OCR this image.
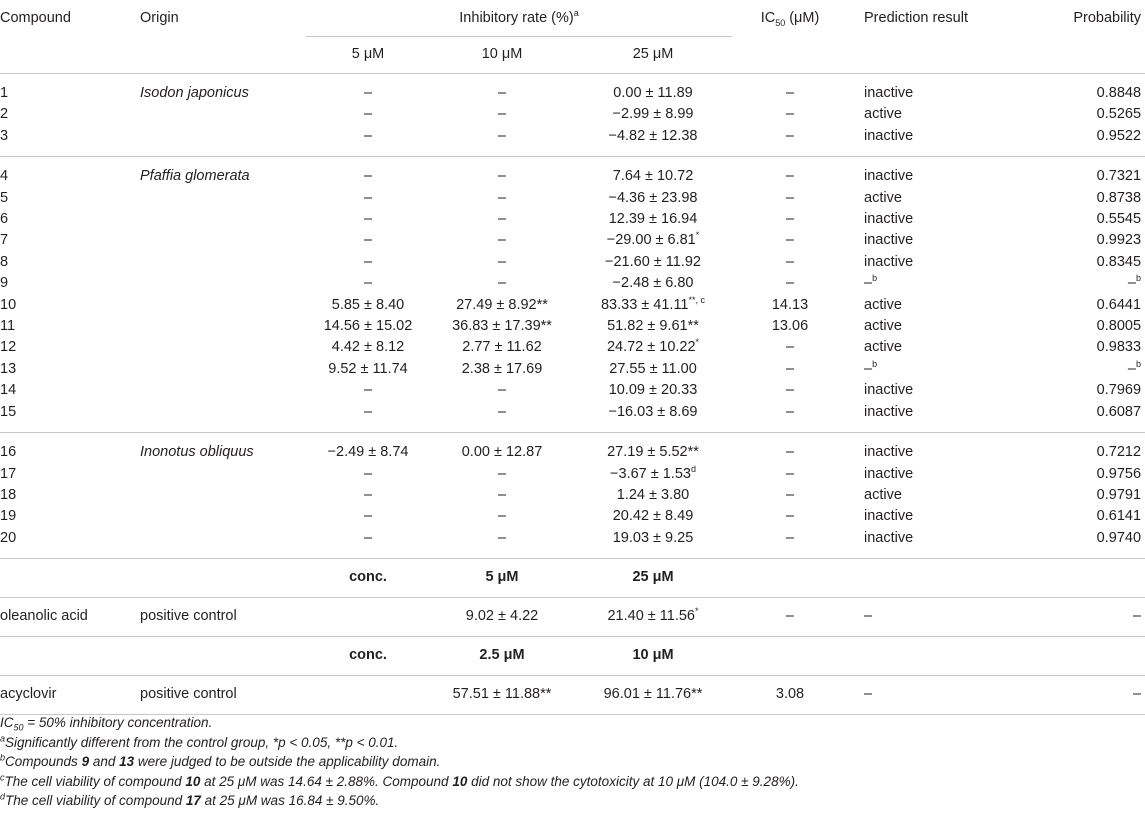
Compound	Origin	Inhibitory rate (%)$^a$			$IC_{50}$ (μM)	Prediction result	Probability
		5 μM	10 μM	25 μM			

1	Isodon japonicus	–	–	0.00 ± 11.89	–	inactive	0.8848
2		–	–	−2.99 ± 8.99	–	active	0.5265
3		–	–	−4.82 ± 12.38	–	inactive	0.9522

4	Pfaffia glomerata	–	–	7.64 ± 10.72	–	inactive	0.7321
5		–	–	−4.36 ± 23.98	–	active	0.8738
6		–	–	12.39 ± 16.94	–	inactive	0.5545
7		–	–	−29.00 ± 6.81*	–	inactive	0.9923
8		–	–	−21.60 ± 11.92	–	inactive	0.8345
9		–	–	−2.48 ± 6.80	–	–$^b$	–$^b$
10		5.85 ± 8.40	27.49 ± 8.92**	$83.33 \pm 41.11^{**, c}$	14.13	active	0.6441
11		14.56 ± 15.02	36.83 ± 17.39**	51.82 ± 9.61**	13.06	active	0.8005
12		4.42 ± 8.12	2.77 ± 11.62	24.72 ± 10.22*	–	active	0.9833
13		9.52 ± 11.74	2.38 ± 17.69	27.55 ± 11.00	–	–$^b$	–$^b$
14		–	–	10.09 ± 20.33	–	inactive	0.7969
15		–	–	−16.03 ± 8.69	–	inactive	0.6087

16	Inonotus obliquus	−2.49 ± 8.74	0.00 ± 12.87	27.19 ± 5.52**	–	inactive	0.7212
17		–	–	−3.67 ± 1.53$^d$	–	inactive	0.9756
18		–	–	1.24 ± 3.80	–	active	0.9791
19		–	–	20.42 ± 8.49	–	inactive	0.6141
20		–	–	19.03 ± 9.25	–	inactive	0.9740

		conc.	5 μM	25 μM			
oleanolic acid	positive control		9.02 ± 4.22	21.40 ± 11.56*	–	–	–
		conc.	2.5 μM	10 μM			
acyclovir	positive control		57.51 ± 11.88**	96.01 ± 11.76**	3.08	–	–
$IC_{50} = 50\%$ inhibitory concentration.
$^a$Significantly different from the control group, *p < 0.05, **p < 0.01.
$^b$Compounds 9 and 13 were judged to be outside the applicability domain.
$^c$The cell viability of compound 10 at 25 μM was 14.64 ± 2.88%. Compound 10 did not show the cytotoxicity at 10 μM (104.0 ± 9.28%).
$^d$The cell viability of compound 17 at 25 μM was 16.84 ± 9.50%.
